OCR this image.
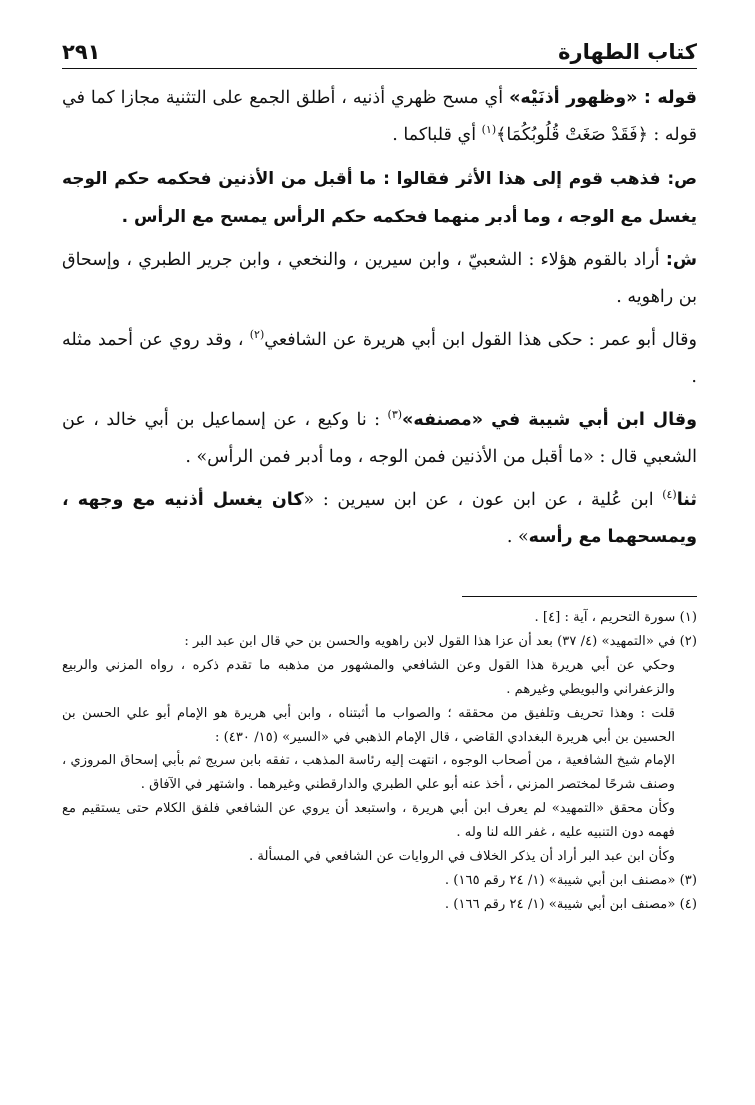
كتاب الطهارة
٢٩١

قوله : «وظهور أذنَيْه» أي مسح ظهري أذنيه ، أطلق الجمع على التثنية مجازا كما في قوله : ﴿فَقَدْ صَغَتْ قُلُوبُكُمَا﴾$^{(١)}$ أي قلباكما .

ص: فذهب قوم إلى هذا الأثر فقالوا : ما أقبل من الأذنين فحكمه حكم الوجه يغسل مع الوجه ، وما أدبر منهما فحكمه حكم الرأس يمسح مع الرأس .

ش: أراد بالقوم هؤلاء : الشعبيّ ، وابن سيرين ، والنخعي ، وابن جرير الطبري ، وإسحاق بن راهويه .

وقال أبو عمر : حكى هذا القول ابن أبي هريرة عن الشافعي$^{(٢)}$ ، وقد روي عن أحمد مثله .

وقال ابن أبي شيبة في «مصنفه»$^{(٣)}$ : نا وكيع ، عن إسماعيل بن أبي خالد ، عن الشعبي قال : «ما أقبل من الأذنين فمن الوجه ، وما أدبر فمن الرأس» .

ثنا$^{(٤)}$ ابن عُلية ، عن ابن عون ، عن ابن سيرين : «كان يغسل أذنيه مع وجهه ، ويمسحهما مع رأسه» .

(١) سورة التحريم ، آية : [٤] .

(٢) في «التمهيد» (٤/ ٣٧) بعد أن عزا هذا القول لابن راهويه والحسن بن حي قال ابن عبد البر :

وحكي عن أبي هريرة هذا القول وعن الشافعي والمشهور من مذهبه ما تقدم ذكره ، رواه المزني والربيع والزعفراني والبويطي وغيرهم .

قلت : وهذا تحريف وتلفيق من محققه ؛ والصواب ما أثبتناه ، وابن أبي هريرة هو الإمام أبو علي الحسن بن الحسين بن أبي هريرة البغدادي القاضي ، قال الإمام الذهبي في «السير» (١٥/ ٤٣٠) :

الإمام شيخ الشافعية ، من أصحاب الوجوه ، انتهت إليه رئاسة المذهب ، تفقه بابن سريج ثم بأبي إسحاق المروزي ، وصنف شرحًا لمختصر المزني ، أخذ عنه أبو علي الطبري والدارقطني وغيرهما . واشتهر في الآفاق .

وكأن محقق «التمهيد» لم يعرف ابن أبي هريرة ، واستبعد أن يروي عن الشافعي فلفق الكلام حتى يستقيم مع فهمه دون التنبيه عليه ، غفر الله لنا وله .

وكأن ابن عبد البر أراد أن يذكر الخلاف في الروايات عن الشافعي في المسألة .

(٣) «مصنف ابن أبي شيبة» (١/ ٢٤ رقم ١٦٥) .

(٤) «مصنف ابن أبي شيبة» (١/ ٢٤ رقم ١٦٦) .
